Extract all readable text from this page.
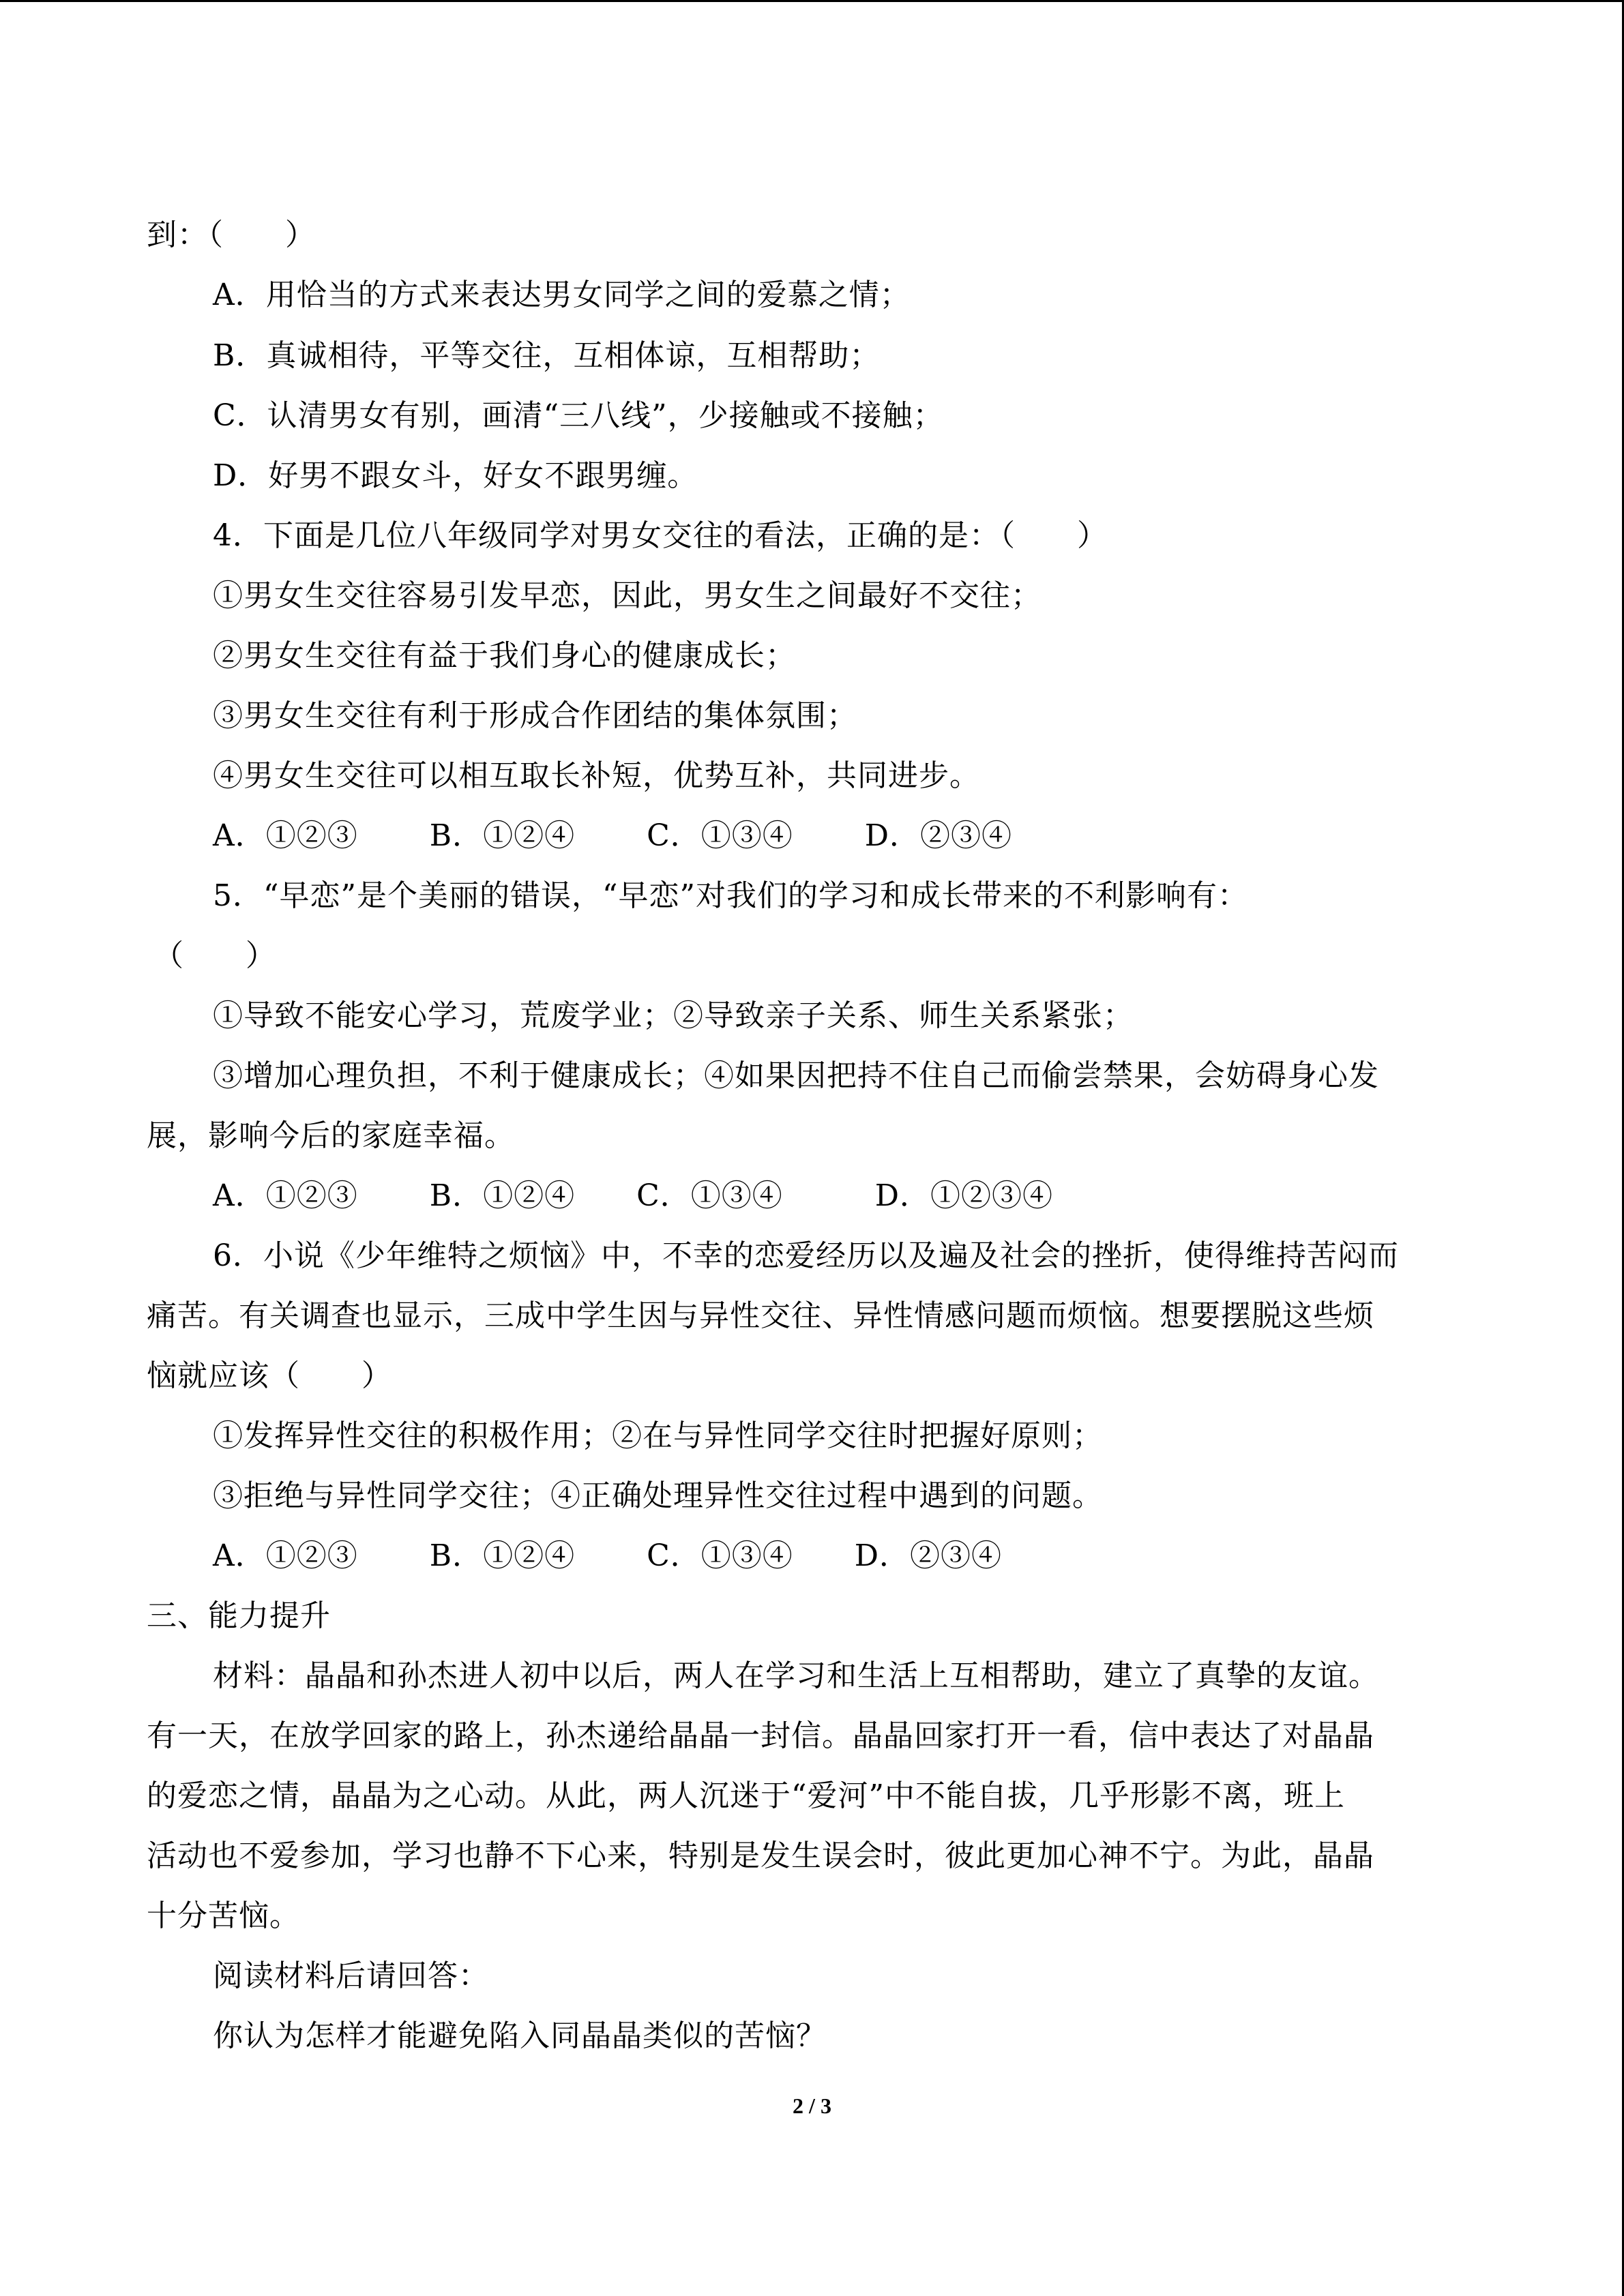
到：（　　）
A．用恰当的方式来表达男女同学之间的爱慕之情；
B．真诚相待，平等交往，互相体谅，互相帮助；
C．认清男女有别，画清“三八线”，少接触或不接触；
D．好男不跟女斗，好女不跟男缠。
4．下面是几位八年级同学对男女交往的看法，正确的是：（　　）
①男女生交往容易引发早恋，因此，男女生之间最好不交往；
②男女生交往有益于我们身心的健康成长；
③男女生交往有利于形成合作团结的集体氛围；
④男女生交往可以相互取长补短，优势互补，共同进步。
A．①②③　　 B．①②④　　 C．①③④　　 D．②③④
5．“早恋”是个美丽的错误，“早恋”对我们的学习和成长带来的不利影响有：
（　　）
①导致不能安心学习，荒废学业；②导致亲子关系、师生关系紧张；
③增加心理负担，不利于健康成长；④如果因把持不住自己而偷尝禁果，会妨碍身心发
展，影响今后的家庭幸福。
A．①②③　　 B．①②④　　C．①③④　　　D．①②③④
6．小说《少年维特之烦恼》中，不幸的恋爱经历以及遍及社会的挫折，使得维持苦闷而
痛苦。有关调查也显示，三成中学生因与异性交往、异性情感问题而烦恼。想要摆脱这些烦
恼就应该（　　）
①发挥异性交往的积极作用；②在与异性同学交往时把握好原则；
③拒绝与异性同学交往；④正确处理异性交往过程中遇到的问题。
A．①②③　　 B．①②④　　 C．①③④　　D．②③④
三、能力提升
材料：晶晶和孙杰进人初中以后，两人在学习和生活上互相帮助，建立了真挚的友谊。
有一天，在放学回家的路上，孙杰递给晶晶一封信。晶晶回家打开一看，信中表达了对晶晶
的爱恋之情，晶晶为之心动。从此，两人沉迷于“爱河”中不能自拔，几乎形影不离，班上
活动也不爱参加，学习也静不下心来，特别是发生误会时，彼此更加心神不宁。为此，晶晶
十分苦恼。
阅读材料后请回答：
你认为怎样才能避免陷入同晶晶类似的苦恼？
2 / 3
